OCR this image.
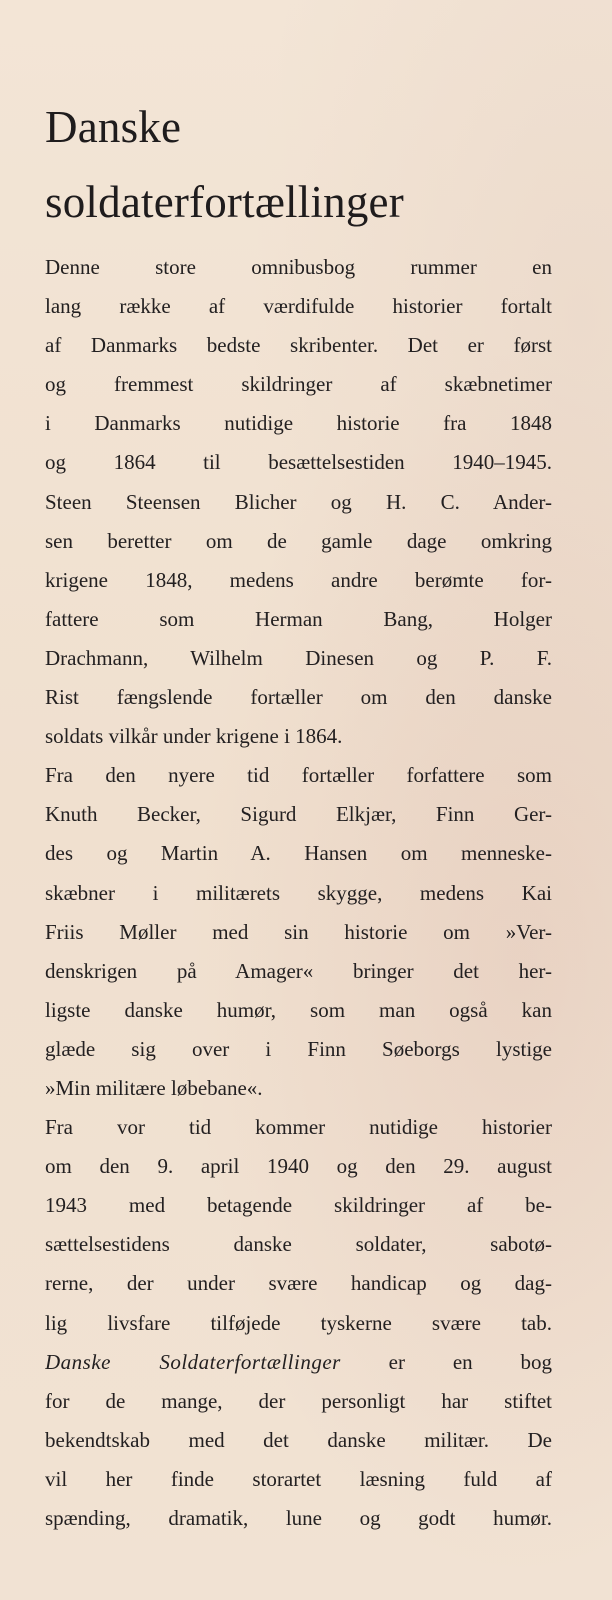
Danske
soldaterfortællinger
Denne store omnibusbog rummer en
lang række af værdifulde historier fortalt
af Danmarks bedste skribenter. Det er først
og fremmest skildringer af skæbnetimer
i Danmarks nutidige historie fra 1848
og 1864 til besættelsestiden 1940–1945.
Steen Steensen Blicher og H. C. Ander-
sen beretter om de gamle dage omkring
krigene 1848, medens andre berømte for-
fattere som Herman Bang, Holger
Drachmann, Wilhelm Dinesen og P. F.
Rist fængslende fortæller om den danske
soldats vilkår under krigene i 1864.
Fra den nyere tid fortæller forfattere som
Knuth Becker, Sigurd Elkjær, Finn Ger-
des og Martin A. Hansen om menneske-
skæbner i militærets skygge, medens Kai
Friis Møller med sin historie om »Ver-
denskrigen på Amager« bringer det her-
ligste danske humør, som man også kan
glæde sig over i Finn Søeborgs lystige
»Min militære løbebane«.
Fra vor tid kommer nutidige historier
om den 9. april 1940 og den 29. august
1943 med betagende skildringer af be-
sættelsestidens danske soldater, sabotø-
rerne, der under svære handicap og dag-
lig livsfare tilføjede tyskerne svære tab.
Danske Soldaterfortællinger er en bog
for de mange, der personligt har stiftet
bekendtskab med det danske militær. De
vil her finde storartet læsning fuld af
spænding, dramatik, lune og godt humør.
